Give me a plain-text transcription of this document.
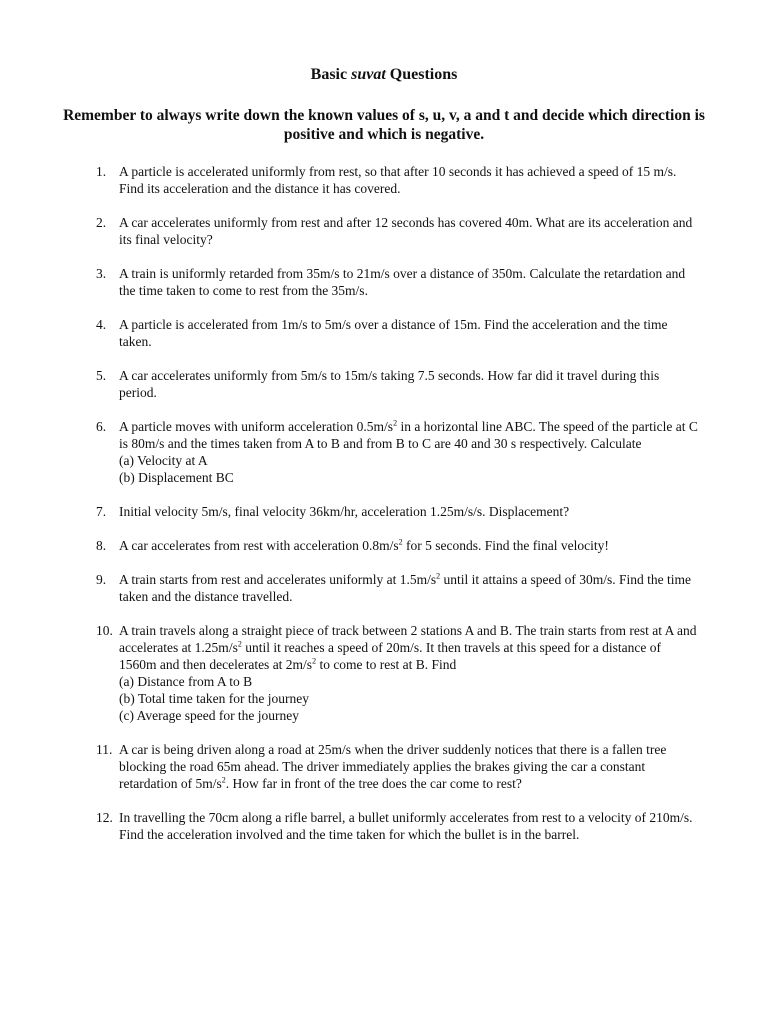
Basic suvat Questions
Remember to always write down the known values of s, u, v, a and t and decide which direction is positive and which is negative.
1. A particle is accelerated uniformly from rest, so that after 10 seconds it has achieved a speed of 15 m/s. Find its acceleration and the distance it has covered.
2. A car accelerates uniformly from rest and after 12 seconds has covered 40m. What are its acceleration and its final velocity?
3. A train is uniformly retarded from 35m/s to 21m/s over a distance of 350m. Calculate the retardation and the time taken to come to rest from the 35m/s.
4. A particle is accelerated from 1m/s to 5m/s over a distance of 15m. Find the acceleration and the time taken.
5. A car accelerates uniformly from 5m/s to 15m/s taking 7.5 seconds. How far did it travel during this period.
6. A particle moves with uniform acceleration $0.5m/s^2$ in a horizontal line ABC. The speed of the particle at C is 80m/s and the times taken from A to B and from B to C are 40 and 30 s respectively. Calculate
(a) Velocity at A
(b) Displacement BC
7. Initial velocity 5m/s, final velocity 36km/hr, acceleration 1.25m/s/s. Displacement?
8. A car accelerates from rest with acceleration $0.8m/s^2$ for 5 seconds. Find the final velocity!
9. A train starts from rest and accelerates uniformly at $1.5m/s^2$ until it attains a speed of 30m/s. Find the time taken and the distance travelled.
10. A train travels along a straight piece of track between 2 stations A and B. The train starts from rest at A and accelerates at $1.25m/s^2$ until it reaches a speed of 20m/s. It then travels at this speed for a distance of 1560m and then decelerates at $2m/s^2$ to come to rest at B. Find
(a) Distance from A to B
(b) Total time taken for the journey
(c) Average speed for the journey
11. A car is being driven along a road at 25m/s when the driver suddenly notices that there is a fallen tree blocking the road 65m ahead. The driver immediately applies the brakes giving the car a constant retardation of $5m/s^2$. How far in front of the tree does the car come to rest?
12. In travelling the 70cm along a rifle barrel, a bullet uniformly accelerates from rest to a velocity of 210m/s. Find the acceleration involved and the time taken for which the bullet is in the barrel.
